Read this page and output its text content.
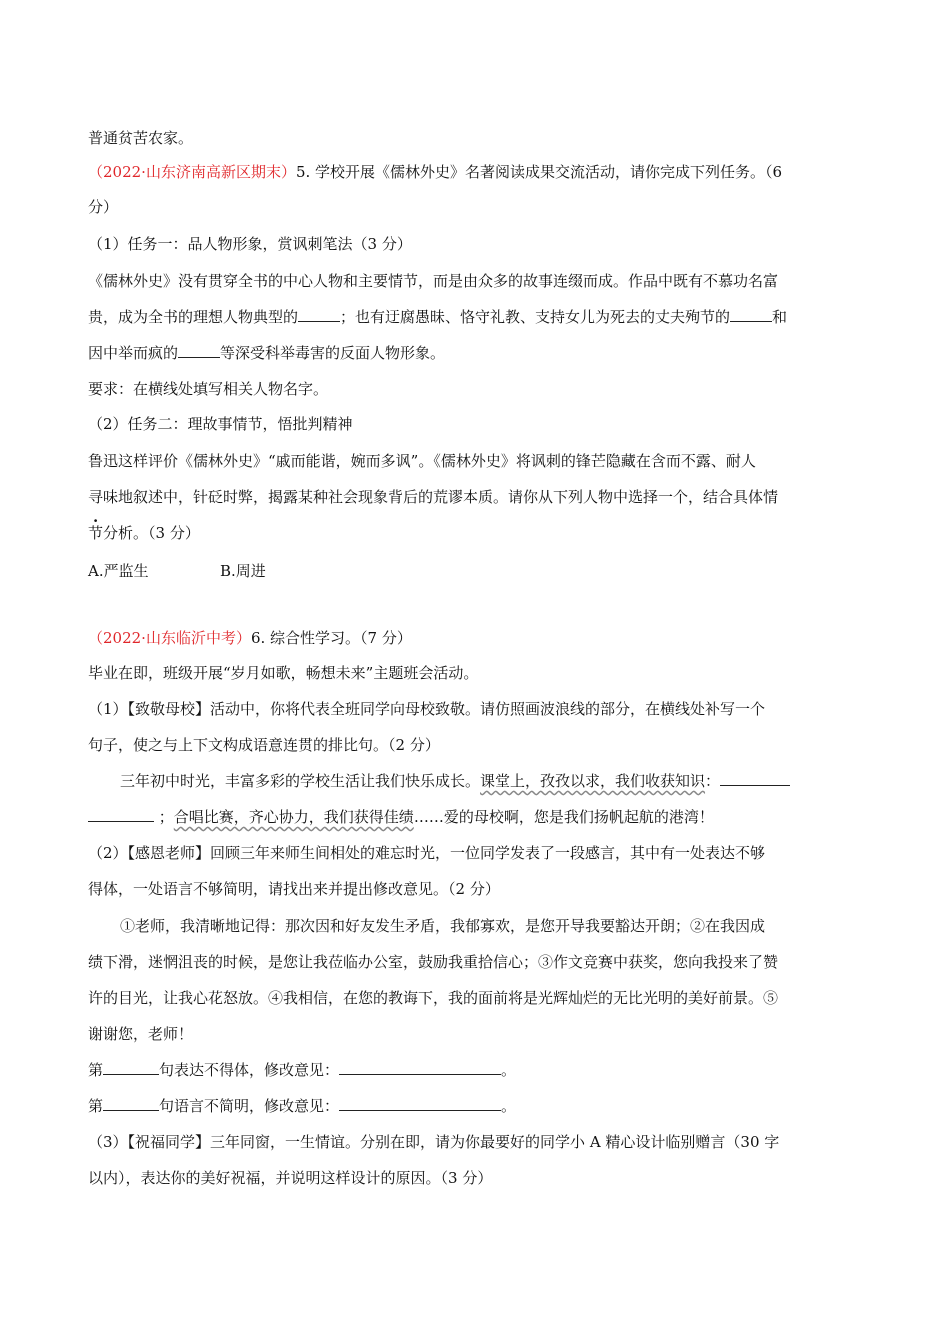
普通贫苦农家。
（2022·山东济南高新区期末）5. 学校开展《儒林外史》名著阅读成果交流活动，请你完成下列任务。（6
分）
（1）任务一：品人物形象，赏讽刺笔法（3 分）
《儒林外史》没有贯穿全书的中心人物和主要情节，而是由众多的故事连缀而成。作品中既有不慕功名富
贵，成为全书的理想人物典型的	；也有迂腐愚昧、恪守礼教、支持女儿为死去的丈夫殉节的	和
因中举而疯的	等深受科举毒害的反面人物形象。
要求：在横线处填写相关人物名字。
（2）任务二：理故事情节，悟批判精神
鲁迅这样评价《儒林外史》“戚而能谐，婉而多讽”。《儒林外史》将讽刺的锋芒隐藏在含而不露、耐人
寻味地叙述中，针砭时弊，揭露某种社会现象背后的荒谬本质。请你从下列人物中选择一个，结合具体情
节分析。（3 分）
A.严监生	B.周进
（2022·山东临沂中考）6. 综合性学习。（7 分）
毕业在即，班级开展“岁月如歌，畅想未来”主题班会活动。
（1）【致敬母校】活动中，你将代表全班同学向母校致敬。请仿照画波浪线的部分，在横线处补写一个
句子，使之与上下文构成语意连贯的排比句。（2 分）
三年初中时光，丰富多彩的学校生活让我们快乐成长。课堂上，孜孜以求，我们收获知识：
；合唱比赛，齐心协力，我们获得佳绩……爱的母校啊，您是我们扬帆起航的港湾！
（2）【感恩老师】回顾三年来师生间相处的难忘时光，一位同学发表了一段感言，其中有一处表达不够
得体，一处语言不够简明，请找出来并提出修改意见。（2 分）
①老师，我清晰地记得：那次因和好友发生矛盾，我郁寡欢，是您开导我要豁达开朗；②在我因成
绩下滑，迷惘沮丧的时候，是您让我莅临办公室，鼓励我重拾信心；③作文竞赛中获奖，您向我投来了赞
许的目光，让我心花怒放。④我相信，在您的教诲下，我的面前将是光辉灿烂的无比光明的美好前景。⑤
谢谢您，老师！
第	句表达不得体，修改意见：	。
第	句语言不简明，修改意见：	。
（3）【祝福同学】三年同窗，一生情谊。分别在即，请为你最要好的同学小 A 精心设计临别赠言（30 字
以内），表达你的美好祝福，并说明这样设计的原因。（3 分）
